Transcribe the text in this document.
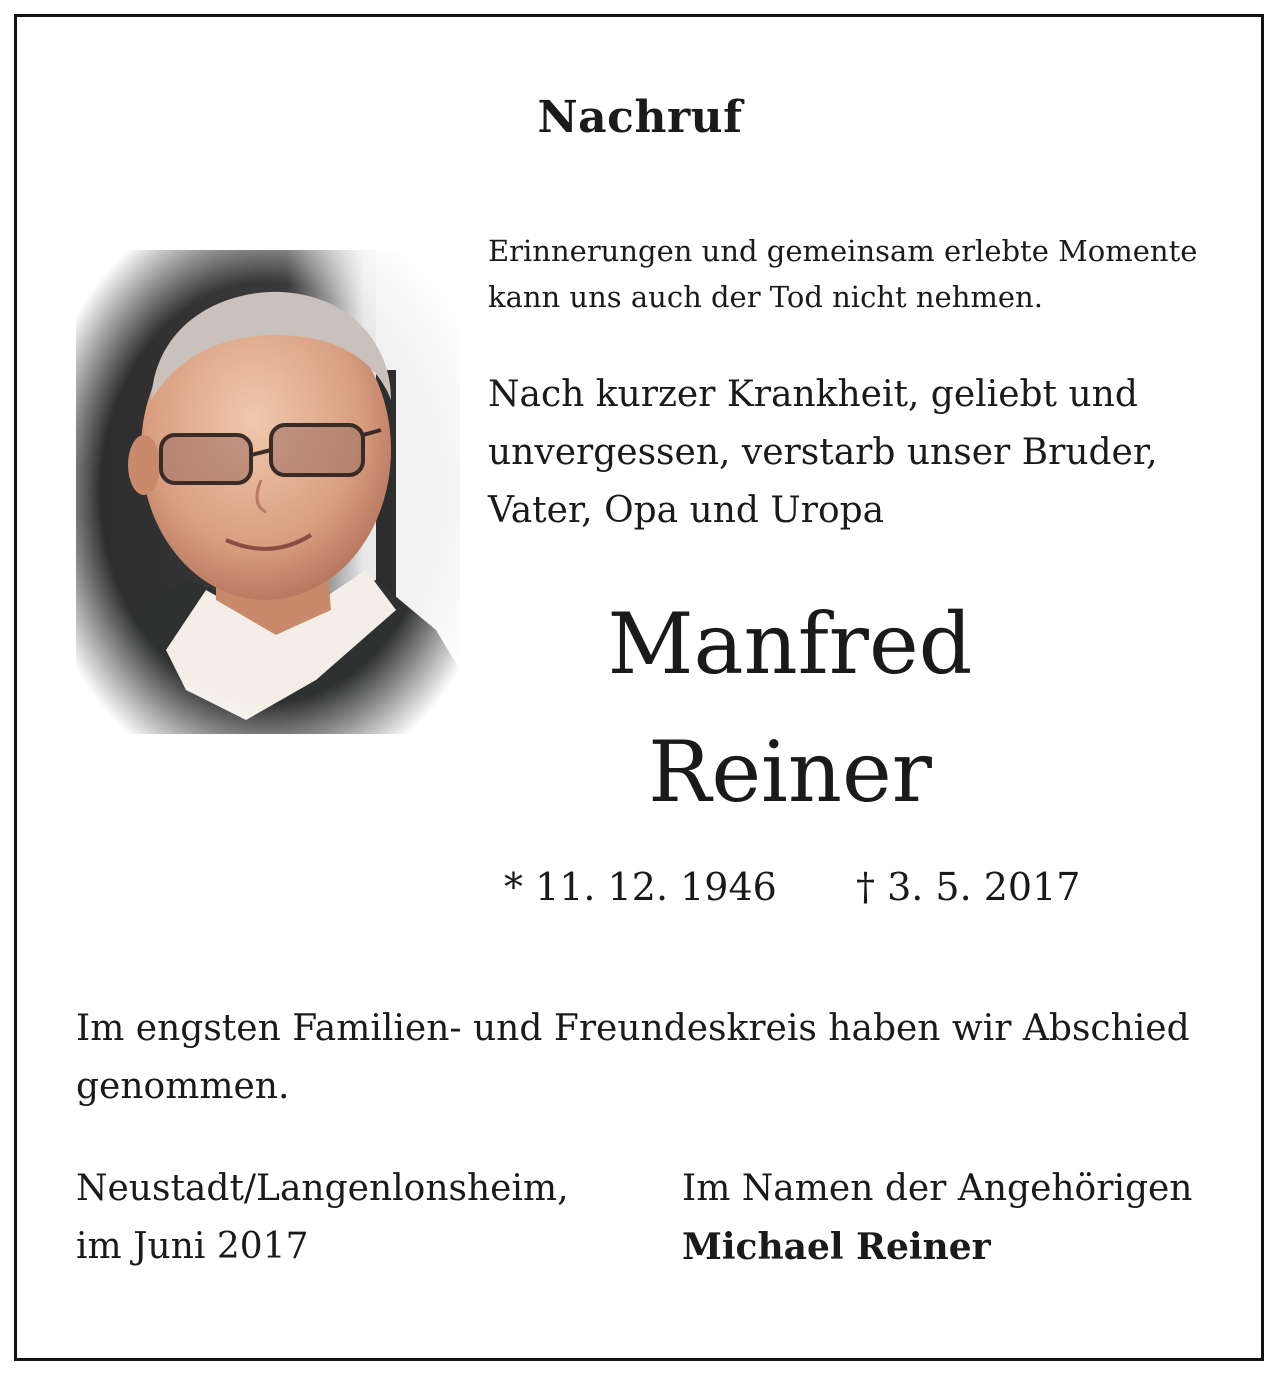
Nachruf
Erinnerungen und gemeinsam erlebte Momente
kann uns auch der Tod nicht nehmen.
Nach kurzer Krankheit, geliebt und
unvergessen, verstarb unser Bruder,
Vater, Opa und Uropa
Manfred
Reiner
* 11. 12. 1946 † 3. 5. 2017
Im engsten Familien- und Freundeskreis haben wir Abschied
genommen.
Neustadt/Langenlonsheim,
im Juni 2017
Im Namen der Angehörigen
Michael Reiner
